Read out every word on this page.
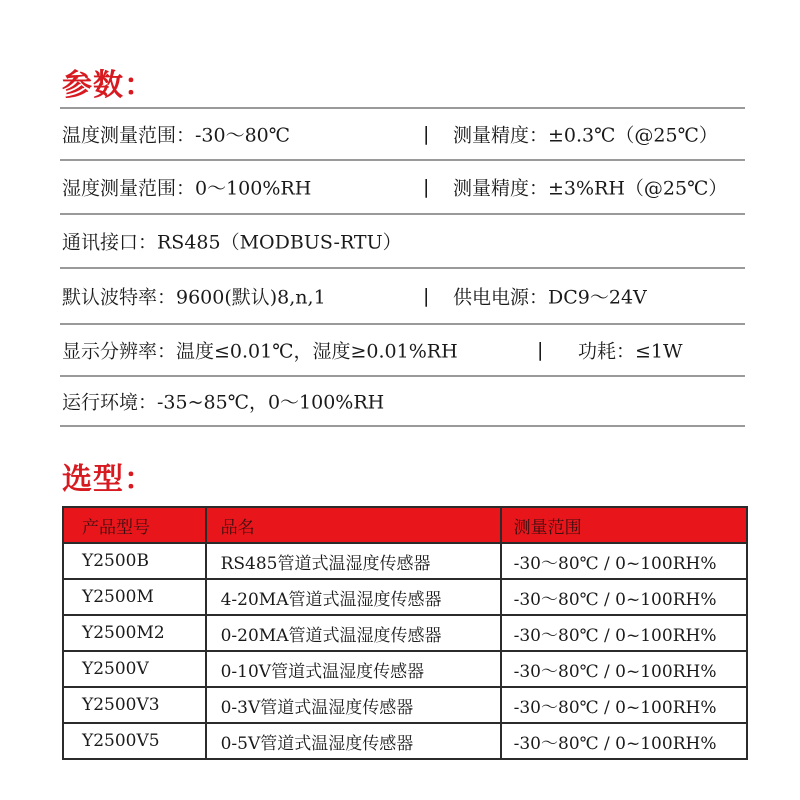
参数：
温度测量范围：-30～80℃	| 测量精度：±0.3℃（@25℃）
湿度测量范围：0～100%RH	| 测量精度：±3%RH（@25℃）
通讯接口：RS485（MODBUS-RTU）
默认波特率：9600(默认)8,n,1	| 供电电源：DC9～24V
显示分辨率：温度≤0.01℃，湿度≥0.01%RH	| 功耗：≤1W
运行环境：-35~85℃，0～100%RH
选型：
产品型号	品名	测量范围
Y2500B	RS485管道式温湿度传感器	-30～80℃ / 0~100RH%
Y2500M	4-20MA管道式温湿度传感器	-30～80℃ / 0~100RH%
Y2500M2	0-20MA管道式温湿度传感器	-30～80℃ / 0~100RH%
Y2500V	0-10V管道式温湿度传感器	-30～80℃ / 0~100RH%
Y2500V3	0-3V管道式温湿度传感器	-30～80℃ / 0~100RH%
Y2500V5	0-5V管道式温湿度传感器	-30～80℃ / 0~100RH%
